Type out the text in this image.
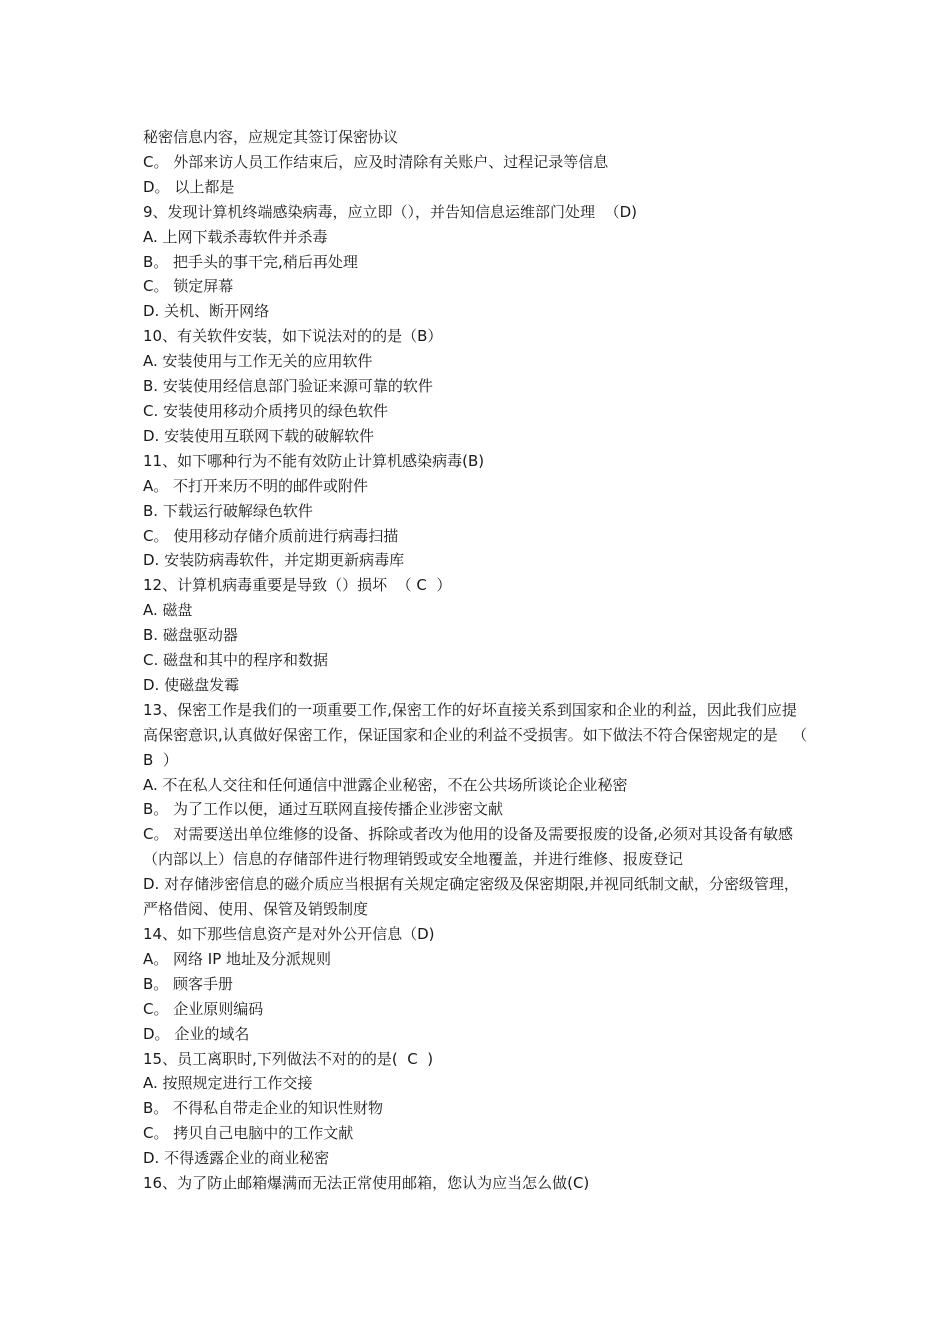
秘密信息内容，应规定其签订保密协议
C。 外部来访人员工作结束后，应及时清除有关账户、过程记录等信息
D。 以上都是
9、发现计算机终端感染病毒，应立即（），并告知信息运维部门处理  （D)
A. 上网下载杀毒软件并杀毒
B。 把手头的事干完,稍后再处理
C。 锁定屏幕
D. 关机、断开网络
10、有关软件安装，如下说法对的的是（B）
A. 安装使用与工作无关的应用软件
B. 安装使用经信息部门验证来源可靠的软件
C. 安装使用移动介质拷贝的绿色软件
D. 安装使用互联网下载的破解软件
11、如下哪种行为不能有效防止计算机感染病毒(B)
A。 不打开来历不明的邮件或附件
B. 下载运行破解绿色软件
C。 使用移动存储介质前进行病毒扫描
D. 安装防病毒软件，并定期更新病毒库
12、计算机病毒重要是导致（）损坏  （ C  ）
A. 磁盘
B. 磁盘驱动器
C. 磁盘和其中的程序和数据
D. 使磁盘发霉
13、保密工作是我们的一项重要工作,保密工作的好坏直接关系到国家和企业的利益，因此我们应提高保密意识,认真做好保密工作，保证国家和企业的利益不受损害。如下做法不符合保密规定的是   （ B  ）
A. 不在私人交往和任何通信中泄露企业秘密，不在公共场所谈论企业秘密
B。 为了工作以便，通过互联网直接传播企业涉密文献
C。 对需要送出单位维修的设备、拆除或者改为他用的设备及需要报废的设备,必须对其设备有敏感（内部以上）信息的存储部件进行物理销毁或安全地覆盖，并进行维修、报废登记
D. 对存储涉密信息的磁介质应当根据有关规定确定密级及保密期限,并视同纸制文献，分密级管理，严格借阅、使用、保管及销毁制度
14、如下那些信息资产是对外公开信息（D)
A。 网络 IP 地址及分派规则
B。 顾客手册
C。 企业原则编码
D。 企业的域名
15、员工离职时,下列做法不对的的是(  C  )
A. 按照规定进行工作交接
B。 不得私自带走企业的知识性财物
C。 拷贝自己电脑中的工作文献
D. 不得透露企业的商业秘密
16、为了防止邮箱爆满而无法正常使用邮箱，您认为应当怎么做(C)
